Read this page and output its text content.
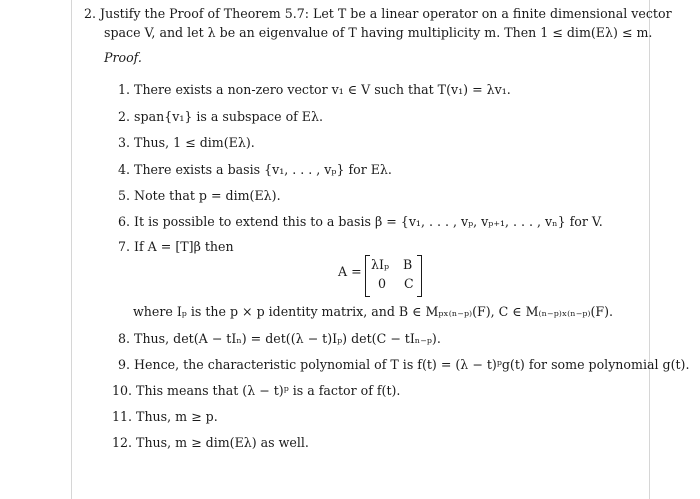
2. Justify the Proof of Theorem 5.7: Let T be a linear operator on a finite dimensional vector
space V, and let λ be an eigenvalue of T having multiplicity m. Then 1 ≤ dim(Eλ) ≤ m.
Proof.
1. There exists a non-zero vector v₁ ∈ V such that T(v₁) = λv₁.
2. span{v₁} is a subspace of Eλ.
3. Thus, 1 ≤ dim(Eλ).
4. There exists a basis {v₁, . . . , vₚ} for Eλ.
5. Note that p = dim(Eλ).
6. It is possible to extend this to a basis β = {v₁, . . . , vₚ, vₚ₊₁, . . . , vₙ} for V.
7. If A = [T]β then
A = λIₚ B
0 C
where Iₚ is the p × p identity matrix, and B ∈ Mₚₓ₍ₙ₋ₚ₎(F), C ∈ M₍ₙ₋ₚ₎ₓ₍ₙ₋ₚ₎(F).
8. Thus, det(A − tIₙ) = det((λ − t)Iₚ) det(C − tIₙ₋ₚ).
9. Hence, the characteristic polynomial of T is f(t) = (λ − t)ᵖg(t) for some polynomial g(t).
10. This means that (λ − t)ᵖ is a factor of f(t).
11. Thus, m ≥ p.
12. Thus, m ≥ dim(Eλ) as well.
